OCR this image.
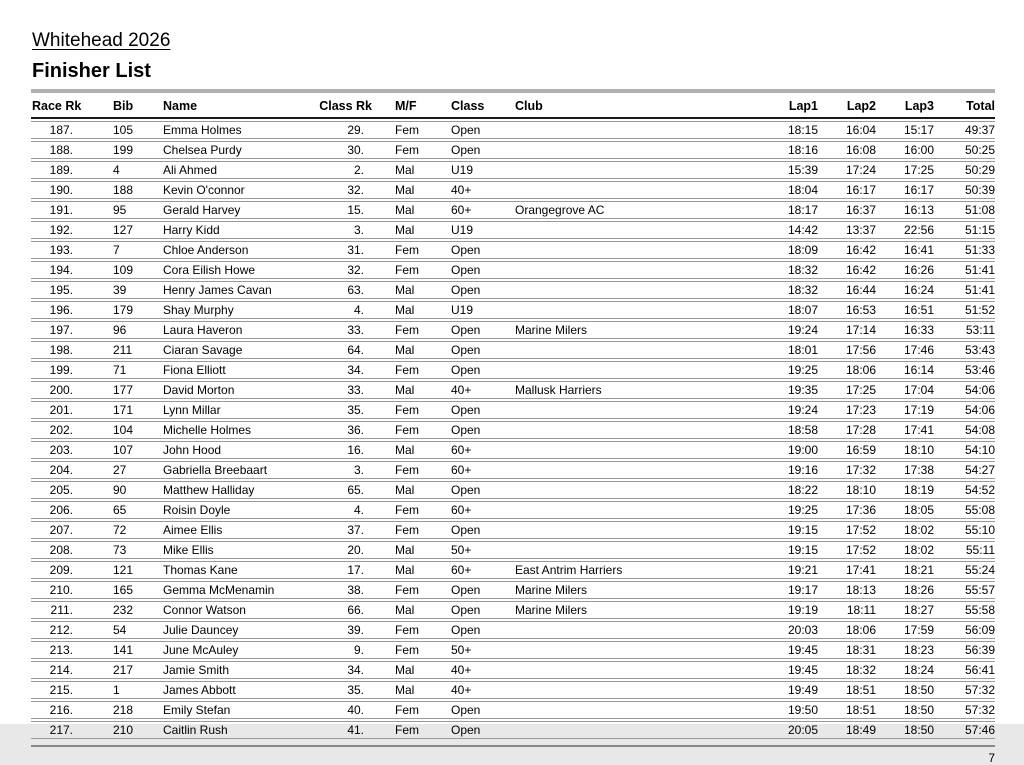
Whitehead 2026
Finisher List
Race Rk	Bib	Name	Class Rk	M/F	Class	Club	Lap1	Lap2	Lap3	Total
187.	105	Emma Holmes	29.	Fem	Open		18:15	16:04	15:17	49:37
188.	199	Chelsea Purdy	30.	Fem	Open		18:16	16:08	16:00	50:25
189.	4	Ali Ahmed	2.	Mal	U19		15:39	17:24	17:25	50:29
190.	188	Kevin O'connor	32.	Mal	40+		18:04	16:17	16:17	50:39
191.	95	Gerald Harvey	15.	Mal	60+	Orangegrove AC	18:17	16:37	16:13	51:08
192.	127	Harry Kidd	3.	Mal	U19		14:42	13:37	22:56	51:15
193.	7	Chloe Anderson	31.	Fem	Open		18:09	16:42	16:41	51:33
194.	109	Cora Eilish Howe	32.	Fem	Open		18:32	16:42	16:26	51:41
195.	39	Henry James Cavan	63.	Mal	Open		18:32	16:44	16:24	51:41
196.	179	Shay Murphy	4.	Mal	U19		18:07	16:53	16:51	51:52
197.	96	Laura Haveron	33.	Fem	Open	Marine Milers	19:24	17:14	16:33	53:11
198.	211	Ciaran Savage	64.	Mal	Open		18:01	17:56	17:46	53:43
199.	71	Fiona Elliott	34.	Fem	Open		19:25	18:06	16:14	53:46
200.	177	David Morton	33.	Mal	40+	Mallusk Harriers	19:35	17:25	17:04	54:06
201.	171	Lynn Millar	35.	Fem	Open		19:24	17:23	17:19	54:06
202.	104	Michelle Holmes	36.	Fem	Open		18:58	17:28	17:41	54:08
203.	107	John Hood	16.	Mal	60+		19:00	16:59	18:10	54:10
204.	27	Gabriella Breebaart	3.	Fem	60+		19:16	17:32	17:38	54:27
205.	90	Matthew Halliday	65.	Mal	Open		18:22	18:10	18:19	54:52
206.	65	Roisin Doyle	4.	Fem	60+		19:25	17:36	18:05	55:08
207.	72	Aimee Ellis	37.	Fem	Open		19:15	17:52	18:02	55:10
208.	73	Mike Ellis	20.	Mal	50+		19:15	17:52	18:02	55:11
209.	121	Thomas Kane	17.	Mal	60+	East Antrim Harriers	19:21	17:41	18:21	55:24
210.	165	Gemma McMenamin	38.	Fem	Open	Marine Milers	19:17	18:13	18:26	55:57
211.	232	Connor Watson	66.	Mal	Open	Marine Milers	19:19	18:11	18:27	55:58
212.	54	Julie Dauncey	39.	Fem	Open		20:03	18:06	17:59	56:09
213.	141	June McAuley	9.	Fem	50+		19:45	18:31	18:23	56:39
214.	217	Jamie Smith	34.	Mal	40+		19:45	18:32	18:24	56:41
215.	1	James Abbott	35.	Mal	40+		19:49	18:51	18:50	57:32
216.	218	Emily Stefan	40.	Fem	Open		19:50	18:51	18:50	57:32
217.	210	Caitlin Rush	41.	Fem	Open		20:05	18:49	18:50	57:46
7
